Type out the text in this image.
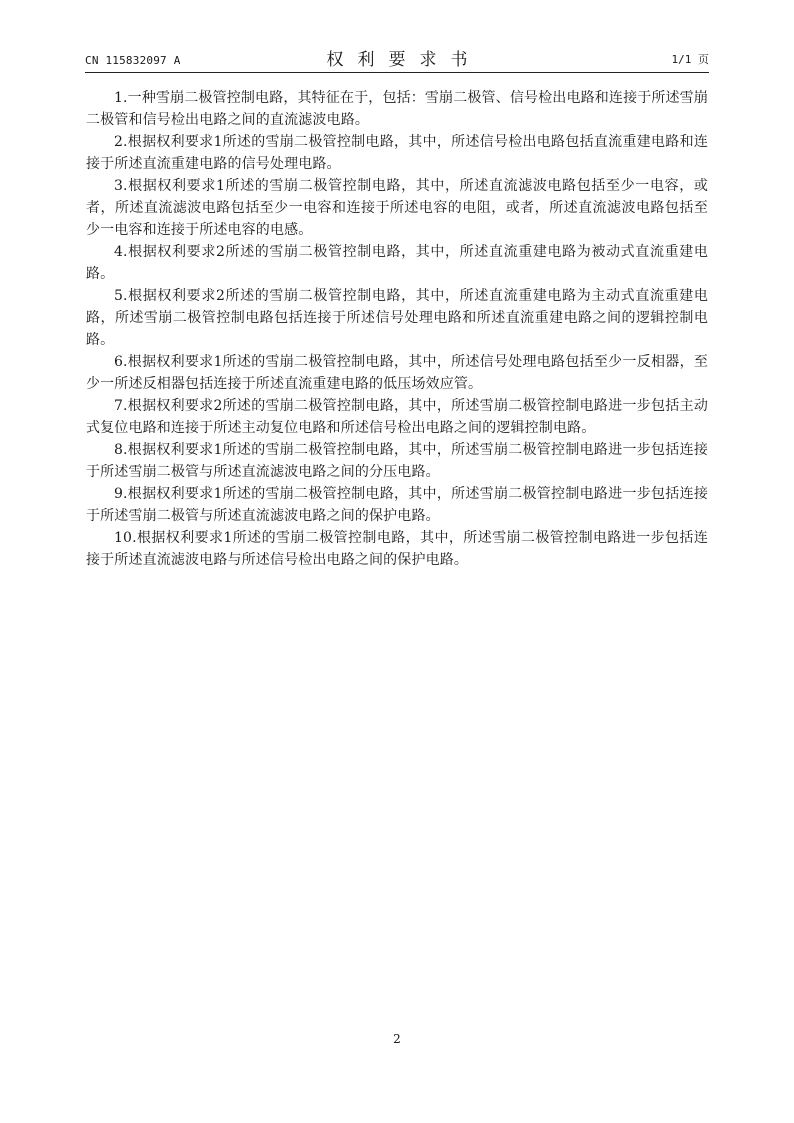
CN 115832097 A	权利要求书	1/1 页

1.一种雪崩二极管控制电路，其特征在于，包括：雪崩二极管、信号检出电路和连接于所述雪崩二极管和信号检出电路之间的直流滤波电路。

2.根据权利要求1所述的雪崩二极管控制电路，其中，所述信号检出电路包括直流重建电路和连接于所述直流重建电路的信号处理电路。

3.根据权利要求1所述的雪崩二极管控制电路，其中，所述直流滤波电路包括至少一电容，或者，所述直流滤波电路包括至少一电容和连接于所述电容的电阻，或者，所述直流滤波电路包括至少一电容和连接于所述电容的电感。

4.根据权利要求2所述的雪崩二极管控制电路，其中，所述直流重建电路为被动式直流重建电路。

5.根据权利要求2所述的雪崩二极管控制电路，其中，所述直流重建电路为主动式直流重建电路，所述雪崩二极管控制电路包括连接于所述信号处理电路和所述直流重建电路之间的逻辑控制电路。

6.根据权利要求1所述的雪崩二极管控制电路，其中，所述信号处理电路包括至少一反相器，至少一所述反相器包括连接于所述直流重建电路的低压场效应管。

7.根据权利要求2所述的雪崩二极管控制电路，其中，所述雪崩二极管控制电路进一步包括主动式复位电路和连接于所述主动复位电路和所述信号检出电路之间的逻辑控制电路。

8.根据权利要求1所述的雪崩二极管控制电路，其中，所述雪崩二极管控制电路进一步包括连接于所述雪崩二极管与所述直流滤波电路之间的分压电路。

9.根据权利要求1所述的雪崩二极管控制电路，其中，所述雪崩二极管控制电路进一步包括连接于所述雪崩二极管与所述直流滤波电路之间的保护电路。

10.根据权利要求1所述的雪崩二极管控制电路，其中，所述雪崩二极管控制电路进一步包括连接于所述直流滤波电路与所述信号检出电路之间的保护电路。

2
